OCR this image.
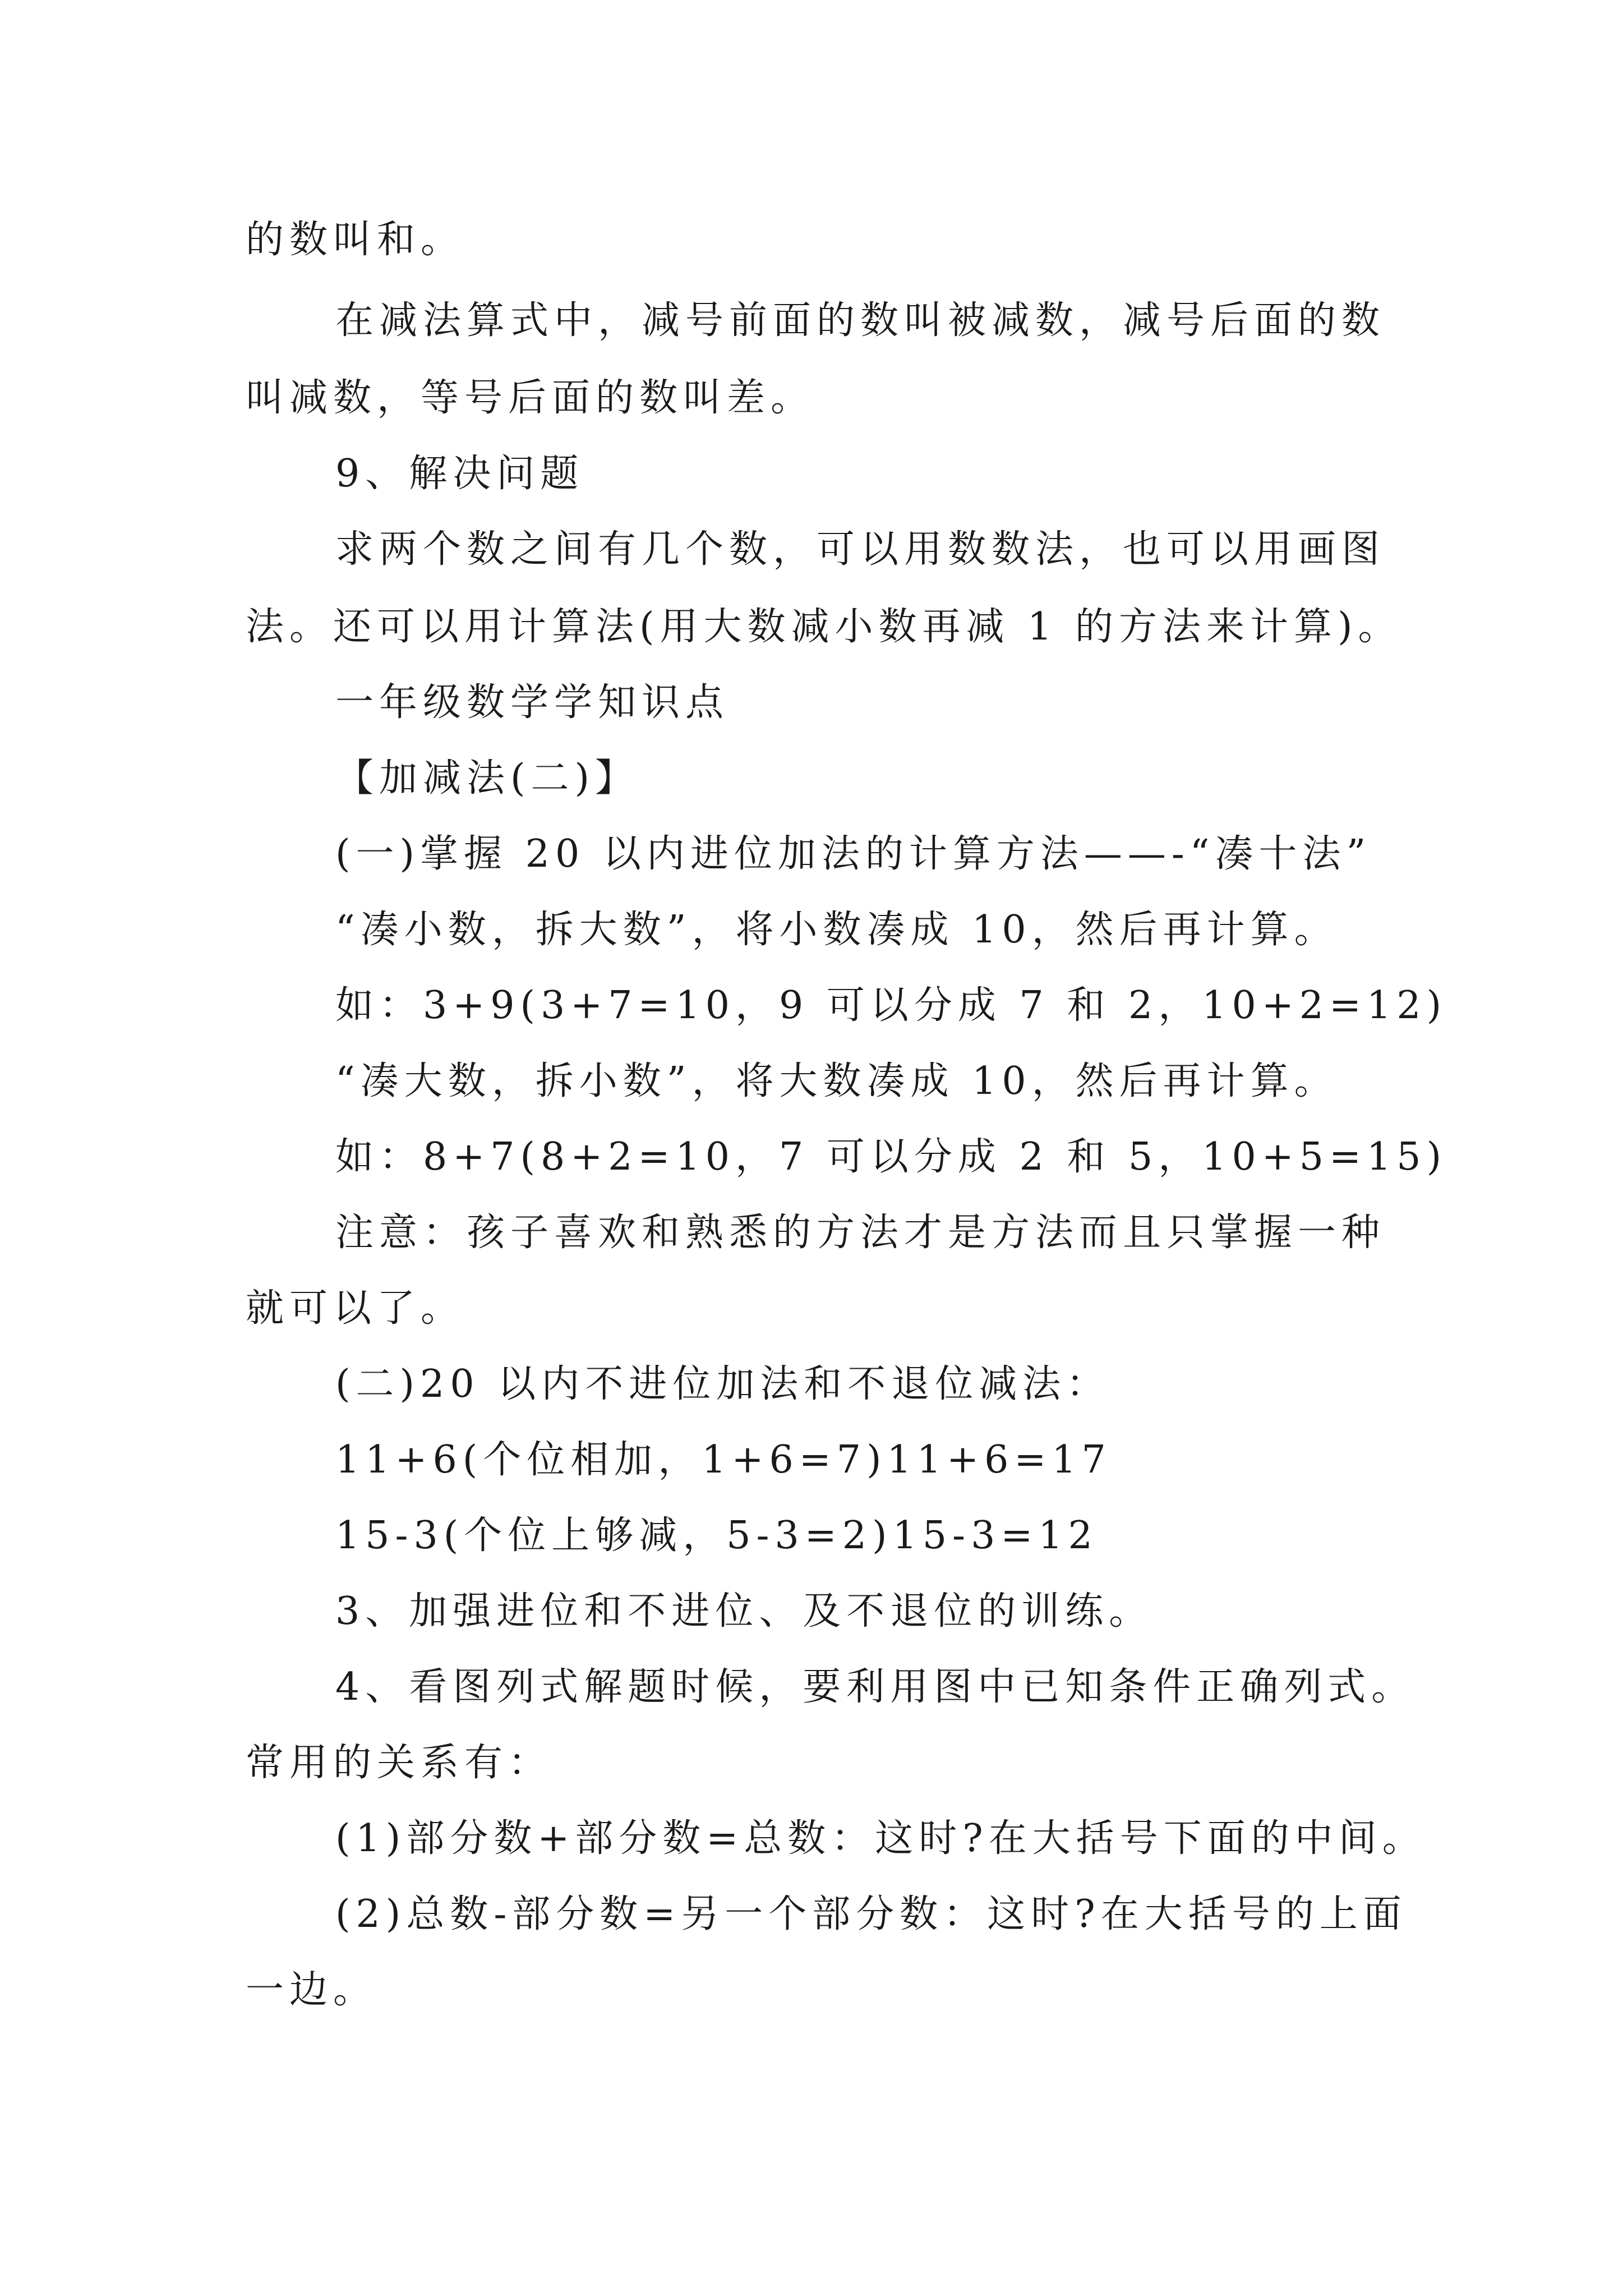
的数叫和。
在减法算式中，减号前面的数叫被减数，减号后面的数
叫减数，等号后面的数叫差。
9、解决问题
求两个数之间有几个数，可以用数数法，也可以用画图
法。还可以用计算法(用大数减小数再减 1 的方法来计算)。
一年级数学学知识点
【加减法(二)】
(一)掌握 20 以内进位加法的计算方法——-“凑十法”
“凑小数，拆大数”，将小数凑成 10，然后再计算。
如：3+9(3+7=10，9 可以分成 7 和 2，10+2=12)
“凑大数，拆小数”，将大数凑成 10，然后再计算。
如：8+7(8+2=10，7 可以分成 2 和 5，10+5=15)
注意：孩子喜欢和熟悉的方法才是方法而且只掌握一种
就可以了。
(二)20 以内不进位加法和不退位减法：
11+6(个位相加，1+6=7)11+6=17
15-3(个位上够减，5-3=2)15-3=12
3、加强进位和不进位、及不退位的训练。
4、看图列式解题时候，要利用图中已知条件正确列式。
常用的关系有：
(1)部分数+部分数=总数：这时?在大括号下面的中间。
(2)总数-部分数=另一个部分数：这时?在大括号的上面
一边。
